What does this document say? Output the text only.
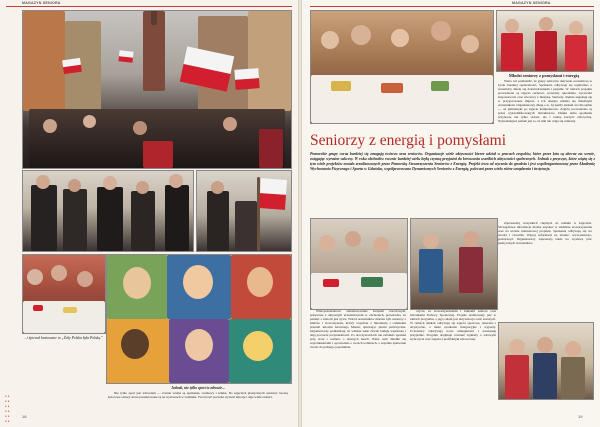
MAGAZYN SENIORA
...i śpiewał beatowane to „Żeby Polska była Polską.”
Jednak, nie tylko sport to zdrowie...

Nie tylko sport jest zdrowiem — równie ważne są spotkania, rozmowy i sztuka. Na zajęciach plastycznych seniorzy tworzą kolorowe obrazy, które prezentowane są na wystawach w Gdańsku. Twórczość pozwala wyrazić emocje i daje wiele radości.

18
••
••
••
••
••
••
MAGAZYN SENIORA
Młodzi seniorzy z pomysłami i energią
Seniorzy z energią i pomysłami
Pomorskie grupy coraz bardziej się zmagają twórczo oraz seniorów. Organizacje wiele aktywności bierze udział w pracach zespołów, które przez lata są obecne na scenie, osiągając wyraźne sukcesy. W roku obchodów rocznic bardziej wielu będą czynną przyjaźni do kreowania wszelkich aktywności społecznych. Jednak z przyczyn, które wiążą się z tym wiele projektów zostało zrealizowanych przez Pomorską Stowarzyszenia Seniorów z Energią. Projekt trwa od stycznia do grudnia i jest współorganizowany przez Akademię Wychowania Fizycznego i Sportu w Gdańsku, współpracowano Dynamicznych Seniorów z Energią, polecani przez wielu różne urządzenia i instytucje.

czycie, ze stowarzyszeniami i klubami seniora oraz Ośrodkami Pomocy Społecznej. Projekt realizowany jest w ramach programu, a jego celem jest aktywizacja osób starszych. W ramach działań odbywają się zajęcia sportowe, taneczne i artystyczne, a także spotkania integracyjne i wyjazdy. Uczestnicy zdobywają nowe umiejętności i nawiązują przyjaźnie. Program obejmuje również wykłady o zdrowym stylu życia oraz zajęcia z profilaktyki zdrowotnej.

Wielopokoleniowe zainteresowanie świętem narodowym, połączone z aktywnym uczestnictwem w obchodach, potwierdza, że pamięć o historii jest żywa. Wśród uczestników marszu byli seniorzy z klubów i stowarzyszeń, którzy wspólnie z młodzieżą i rodzinami przeszli ulicami Głównego Miasta, śpiewając pieśni patriotyczne. Organizatorzy podkreślają, że właśnie takie chwile budują wspólnotę i dają poczucie przynależności. Po uroczystościach nie zabrakło spotkań przy stole i rozmów o dawnych latach. Wiele osób dzieliło się wspomnieniami i opowiadało o swoich rodzinach, a wspólne śpiewanie trwało do późnego popołudnia.

Warto też podkreślić, że grupy seniorów aktywnie uczestniczą w życiu lokalnej społeczności. Spotkania odbywają się regularnie, a uczestnicy dzielą się doświadczeniem i pasjami. W ramach projektu prowadzone są zajęcia ruchowe, warsztaty rękodzieła, wycieczki krajoznawcze oraz wieczory z muzyką. Seniorzy chętnie angażują się w przygotowanie imprez, a ich energia udziela się młodszym uczestnikom. Organizatorzy dbają o to, by każdy znalazł coś dla siebie — od gimnastyki po zajęcia komputerowe. Zajęcia prowadzone są przez wykwalifikowanych instruktorów. Dzięki temu spotkania przynoszą nie tylko radość, ale i realną korzyść zdrowotną. Najważniejsze jednak jest to, że nikt nie czuje się samotny.

Zapraszamy wszystkich chętnych do udziału w zajęciach. Szczegółowe informacje można uzyskać w siedzibie stowarzyszenia oraz na stronie internetowej projektu. Spotkania odbywają się we wtorki i czwartki. Więcej informacji na stronie: www.seniorzy-pomorze.pl. Organizatorzy zapraszają także na wystawę prac plastycznych uczestników.

19
